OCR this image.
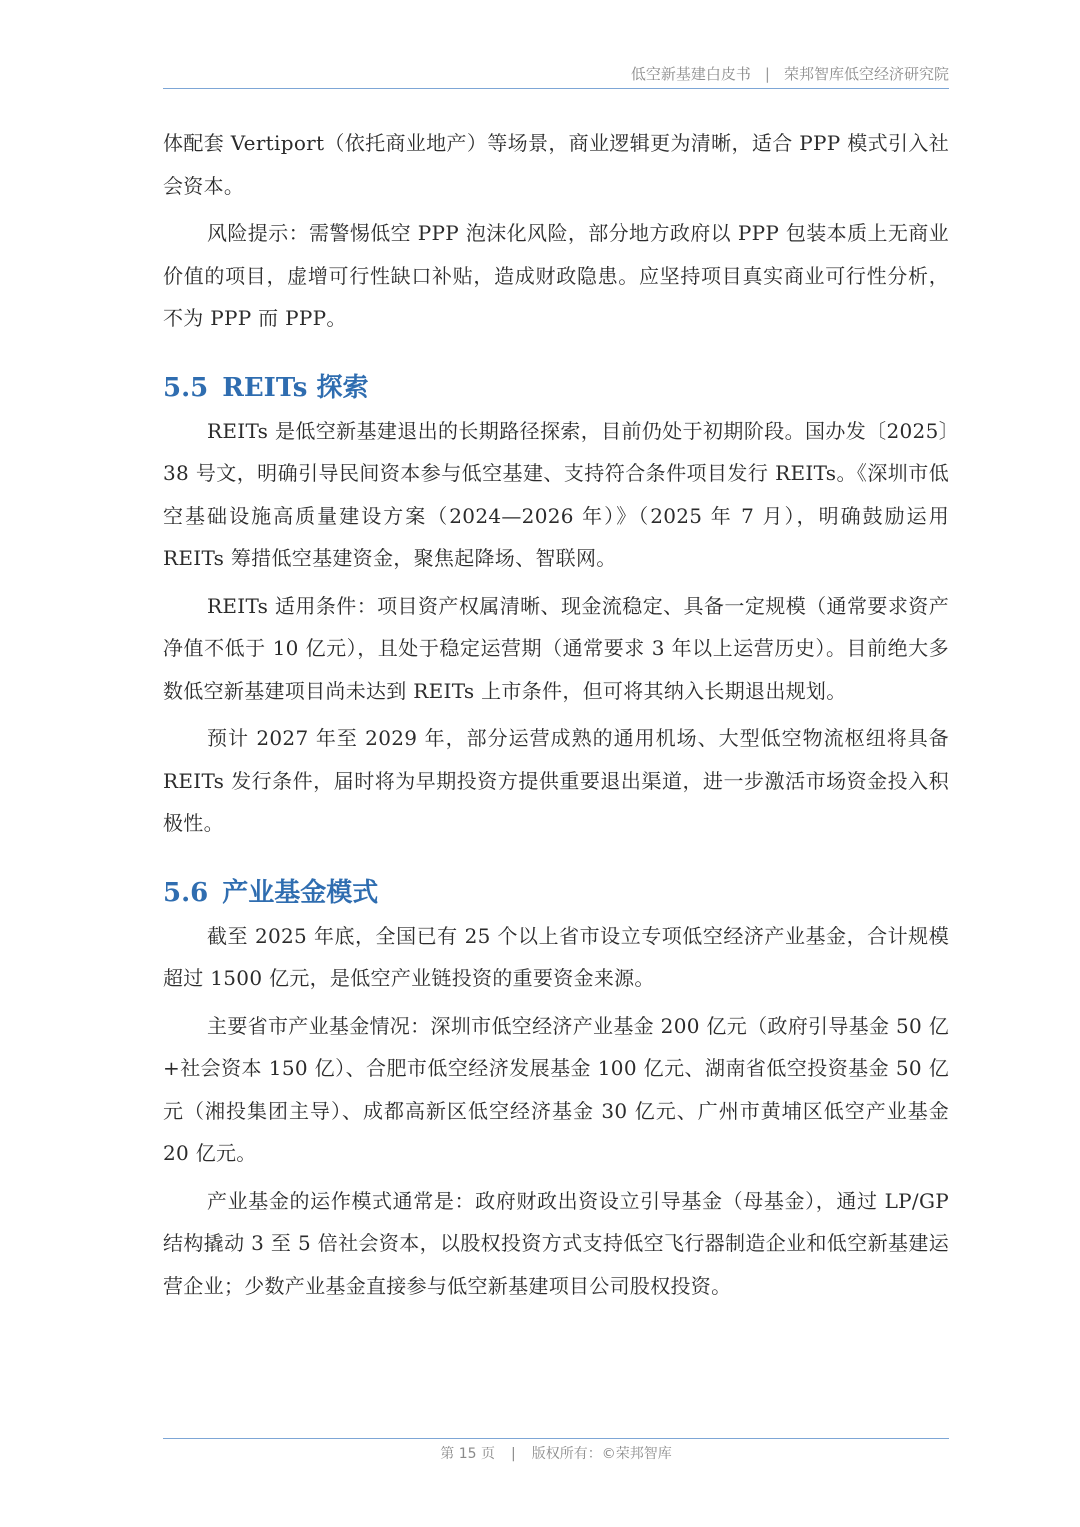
低空新基建白皮书 | 荣邦智库低空经济研究院

体配套 Vertiport（依托商业地产）等场景，商业逻辑更为清晰，适合 PPP 模式引入社会资本。

风险提示：需警惕低空 PPP 泡沫化风险，部分地方政府以 PPP 包装本质上无商业价值的项目，虚增可行性缺口补贴，造成财政隐患。应坚持项目真实商业可行性分析，不为 PPP 而 PPP。

5.5 REITs 探索

REITs 是低空新基建退出的长期路径探索，目前仍处于初期阶段。国办发〔2025〕38 号文，明确引导民间资本参与低空基建、支持符合条件项目发行 REITs。《深圳市低空基础设施高质量建设方案（2024—2026 年）》（2025 年 7 月），明确鼓励运用 REITs 筹措低空基建资金，聚焦起降场、智联网。

REITs 适用条件：项目资产权属清晰、现金流稳定、具备一定规模（通常要求资产净值不低于 10 亿元），且处于稳定运营期（通常要求 3 年以上运营历史）。目前绝大多数低空新基建项目尚未达到 REITs 上市条件，但可将其纳入长期退出规划。

预计 2027 年至 2029 年，部分运营成熟的通用机场、大型低空物流枢纽将具备 REITs 发行条件，届时将为早期投资方提供重要退出渠道，进一步激活市场资金投入积极性。

5.6 产业基金模式

截至 2025 年底，全国已有 25 个以上省市设立专项低空经济产业基金，合计规模超过 1500 亿元，是低空产业链投资的重要资金来源。

主要省市产业基金情况：深圳市低空经济产业基金 200 亿元（政府引导基金 50 亿+社会资本 150 亿）、合肥市低空经济发展基金 100 亿元、湖南省低空投资基金 50 亿元（湘投集团主导）、成都高新区低空经济基金 30 亿元、广州市黄埔区低空产业基金 20 亿元。

产业基金的运作模式通常是：政府财政出资设立引导基金（母基金），通过 LP/GP 结构撬动 3 至 5 倍社会资本，以股权投资方式支持低空飞行器制造企业和低空新基建运营企业；少数产业基金直接参与低空新基建项目公司股权投资。

第 15 页 | 版权所有：©荣邦智库
